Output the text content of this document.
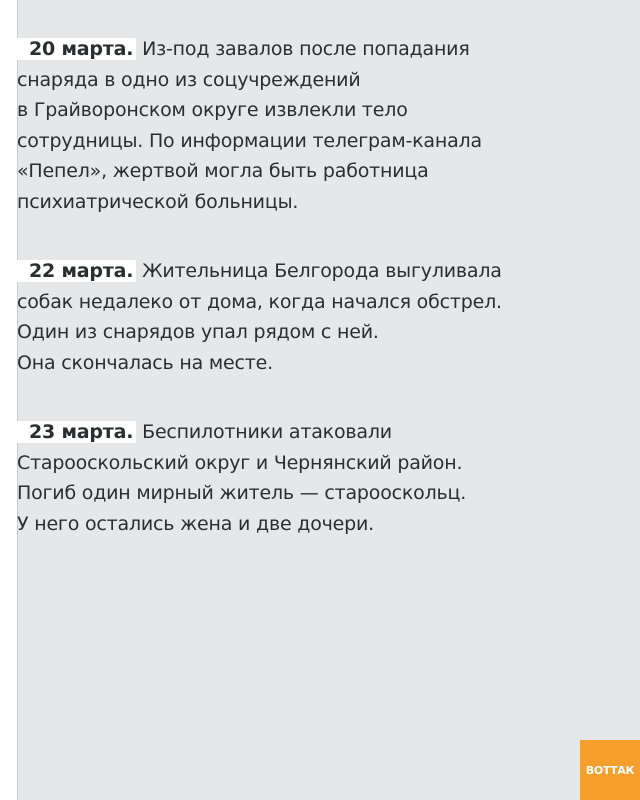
20 марта. Из-под завалов после попадания
снаряда в одно из соцучреждений
в Грайворонском округе извлекли тело
сотрудницы. По информации телеграм-канала
«Пепел», жертвой могла быть работница
психиатрической больницы.

22 марта. Жительница Белгорода выгуливала
собак недалеко от дома, когда начался обстрел.
Один из снарядов упал рядом с ней.
Она скончалась на месте.

23 марта. Беспилотники атаковали
Старооскольский округ и Чернянский район.
Погиб один мирный житель — старооскольц.
У него остались жена и две дочери.

ВОТТАК
